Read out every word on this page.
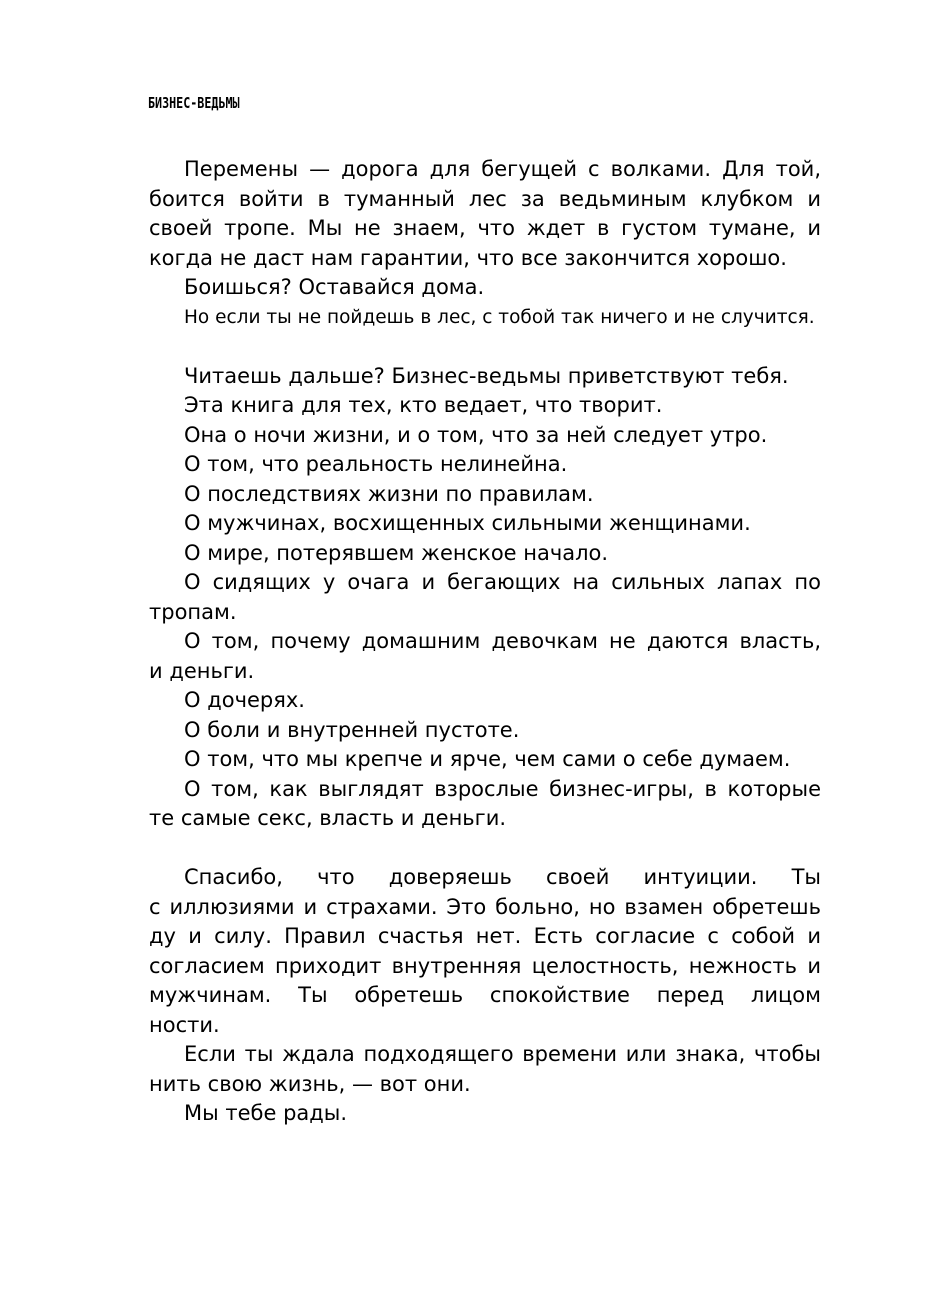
БИЗНЕС-ВЕДЬМЫ
Перемены — дорога для бегущей с волками. Для той,
боится войти в туманный лес за ведьминым клубком и
своей тропе. Мы не знаем, что ждет в густом тумане, и
когда не даст нам гарантии, что все закончится хорошо.
Боишься? Оставайся дома.
Но если ты не пойдешь в лес, с тобой так ничего и не случится.
Читаешь дальше? Бизнес-ведьмы приветствуют тебя.
Эта книга для тех, кто ведает, что творит.
Она о ночи жизни, и о том, что за ней следует утро.
О том, что реальность нелинейна.
О последствиях жизни по правилам.
О мужчинах, восхищенных сильными женщинами.
О мире, потерявшем женское начало.
О сидящих у очага и бегающих на сильных лапах по
тропам.
О том, почему домашним девочкам не даются власть,
и деньги.
О дочерях.
О боли и внутренней пустоте.
О том, что мы крепче и ярче, чем сами о себе думаем.
О том, как выглядят взрослые бизнес-игры, в которые
те самые секс, власть и деньги.
Спасибо, что доверяешь своей интуиции. Ты
с иллюзиями и страхами. Это больно, но взамен обретешь
ду и силу. Правил счастья нет. Есть согласие с собой и
согласием приходит внутренняя целостность, нежность и
мужчинам. Ты обретешь спокойствие перед лицом
ности.
Если ты ждала подходящего времени или знака, чтобы
нить свою жизнь, — вот они.
Мы тебе рады.
